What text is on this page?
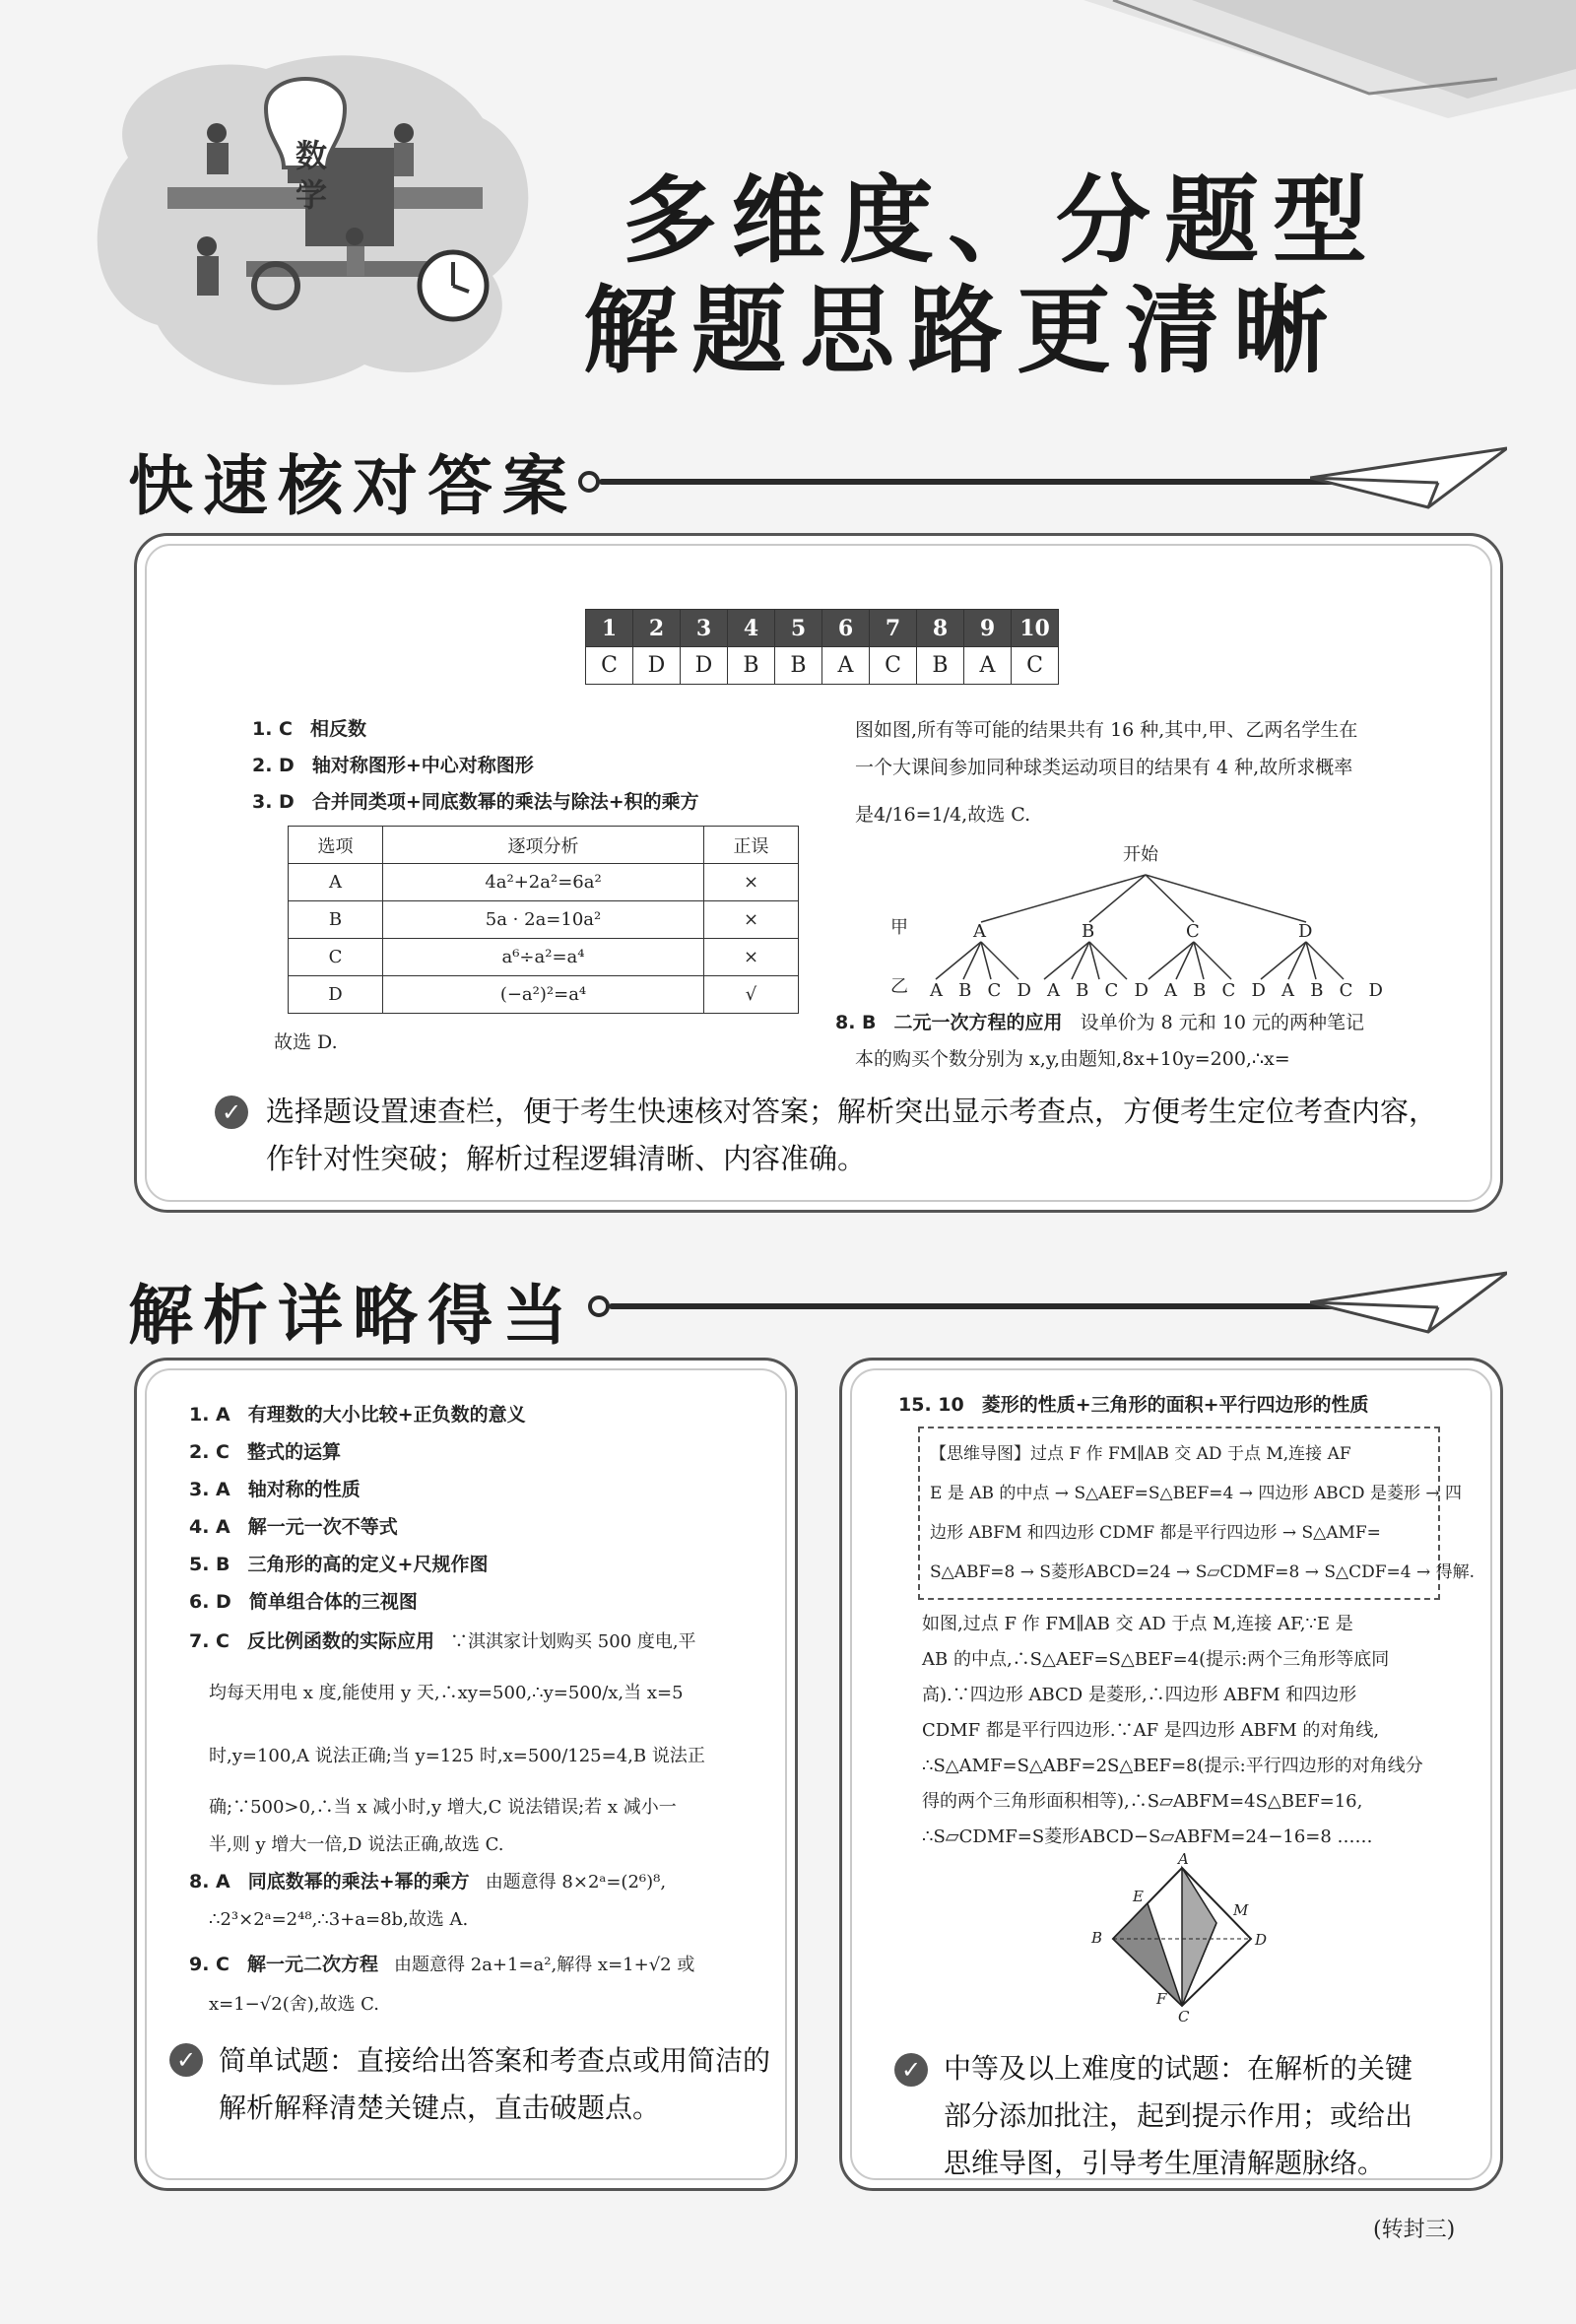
数学	多维度、分题型
解题思路更清晰
快速核对答案
1	2	3	4	5	6	7	8	9	10
C	D	D	B	B	A	C	B	A	C
1. C 相反数
2. D 轴对称图形+中心对称图形
3. D 合并同类项+同底数幂的乘法与除法+积的乘方
选项	逐项分析	正误
A	4a²+2a²=6a²	×
B	5a · 2a=10a²	×
C	a⁶÷a²=a⁴	×
D	(−a²)²=a⁴	√
故选 D.
图如图,所有等可能的结果共有 16 种,其中,甲、乙两名学生在
一个大课间参加同种球类运动项目的结果有 4 种,故所求概率
是4/16=1/4,故选 C.
开始
甲
乙
A	B	C	D
A B C D A B C D A B C D A B C D
8. B 二元一次方程的应用 设单价为 8 元和 10 元的两种笔记
本的购买个数分别为 x,y,由题知,8x+10y=200,∴x=
✓ 选择题设置速查栏，便于考生快速核对答案；解析突出显示考查点，方便考生定位考查内容，
作针对性突破；解析过程逻辑清晰、内容准确。
解析详略得当
1. A 有理数的大小比较+正负数的意义
2. C 整式的运算
3. A 轴对称的性质
4. A 解一元一次不等式
5. B 三角形的高的定义+尺规作图
6. D 简单组合体的三视图
7. C 反比例函数的实际应用 ∵淇淇家计划购买 500 度电,平
均每天用电 x 度,能使用 y 天,∴xy=500,∴y=500/x,当 x=5
时,y=100,A 说法正确;当 y=125 时,x=500/125=4,B 说法正
确;∵500>0,∴当 x 减小时,y 增大,C 说法错误;若 x 减小一
半,则 y 增大一倍,D 说法正确,故选 C.
8. A 同底数幂的乘法+幂的乘方 由题意得 8×2ᵃ=(2⁶)⁸,
∴2³×2ᵃ=2⁴⁸,∴3+a=8b,故选 A.
9. C 解一元二次方程 由题意得 2a+1=a²,解得 x=1+√2 或
x=1−√2(舍),故选 C.
✓ 简单试题：直接给出答案和考查点或用简洁的
解析解释清楚关键点，直击破题点。
15. 10 菱形的性质+三角形的面积+平行四边形的性质
【思维导图】过点 F 作 FM∥AB 交 AD 于点 M,连接 AF
E 是 AB 的中点 → S△AEF=S△BEF=4 → 四边形 ABCD 是菱形 → 四
边形 ABFM 和四边形 CDMF 都是平行四边形 → S△AMF=
S△ABF=8 → S菱形ABCD=24 → S▱CDMF=8 → S△CDF=4 → 得解.
如图,过点 F 作 FM∥AB 交 AD 于点 M,连接 AF,∵E 是
AB 的中点,∴S△AEF=S△BEF=4(提示:两个三角形等底同
高).∵四边形 ABCD 是菱形,∴四边形 ABFM 和四边形
CDMF 都是平行四边形.∵AF 是四边形 ABFM 的对角线,
∴S△AMF=S△ABF=2S△BEF=8(提示:平行四边形的对角线分
得的两个三角形面积相等),∴S▱ABFM=4S△BEF=16,
∴S▱CDMF=S菱形ABCD−S▱ABFM=24−16=8 ……
A
B
C
D
E
F
M
✓ 中等及以上难度的试题：在解析的关键
部分添加批注，起到提示作用；或给出
思维导图，引导考生厘清解题脉络。
(转封三)
